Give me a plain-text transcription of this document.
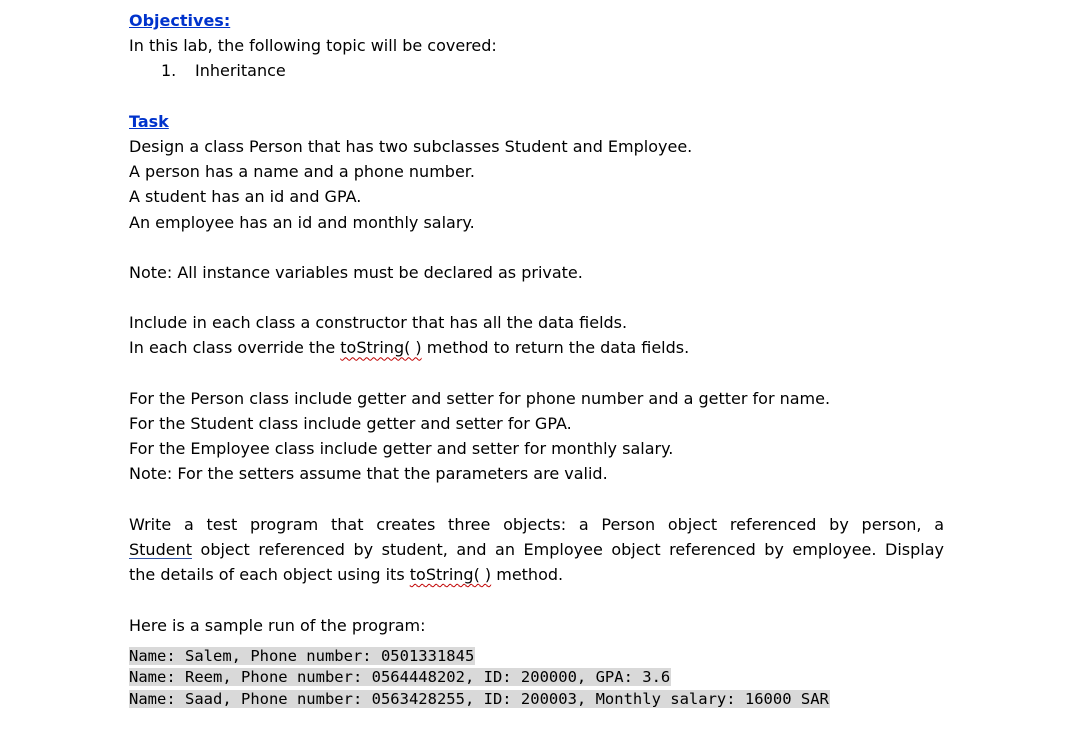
Objectives:
In this lab, the following topic will be covered:
1. Inheritance
Task
Design a class Person that has two subclasses Student and Employee.
A person has a name and a phone number.
A student has an id and GPA.
An employee has an id and monthly salary.
Note: All instance variables must be declared as private.
Include in each class a constructor that has all the data fields.
In each class override the toString( ) method to return the data fields.
For the Person class include getter and setter for phone number and a getter for name.
For the Student class include getter and setter for GPA.
For the Employee class include getter and setter for monthly salary.
Note: For the setters assume that the parameters are valid.
Write a test program that creates three objects: a Person object referenced by person, a
Student object referenced by student, and an Employee object referenced by employee. Display
the details of each object using its toString( ) method.
Here is a sample run of the program:
Name: Salem, Phone number: 0501331845
Name: Reem, Phone number: 0564448202, ID: 200000, GPA: 3.6
Name: Saad, Phone number: 0563428255, ID: 200003, Monthly salary: 16000 SAR
